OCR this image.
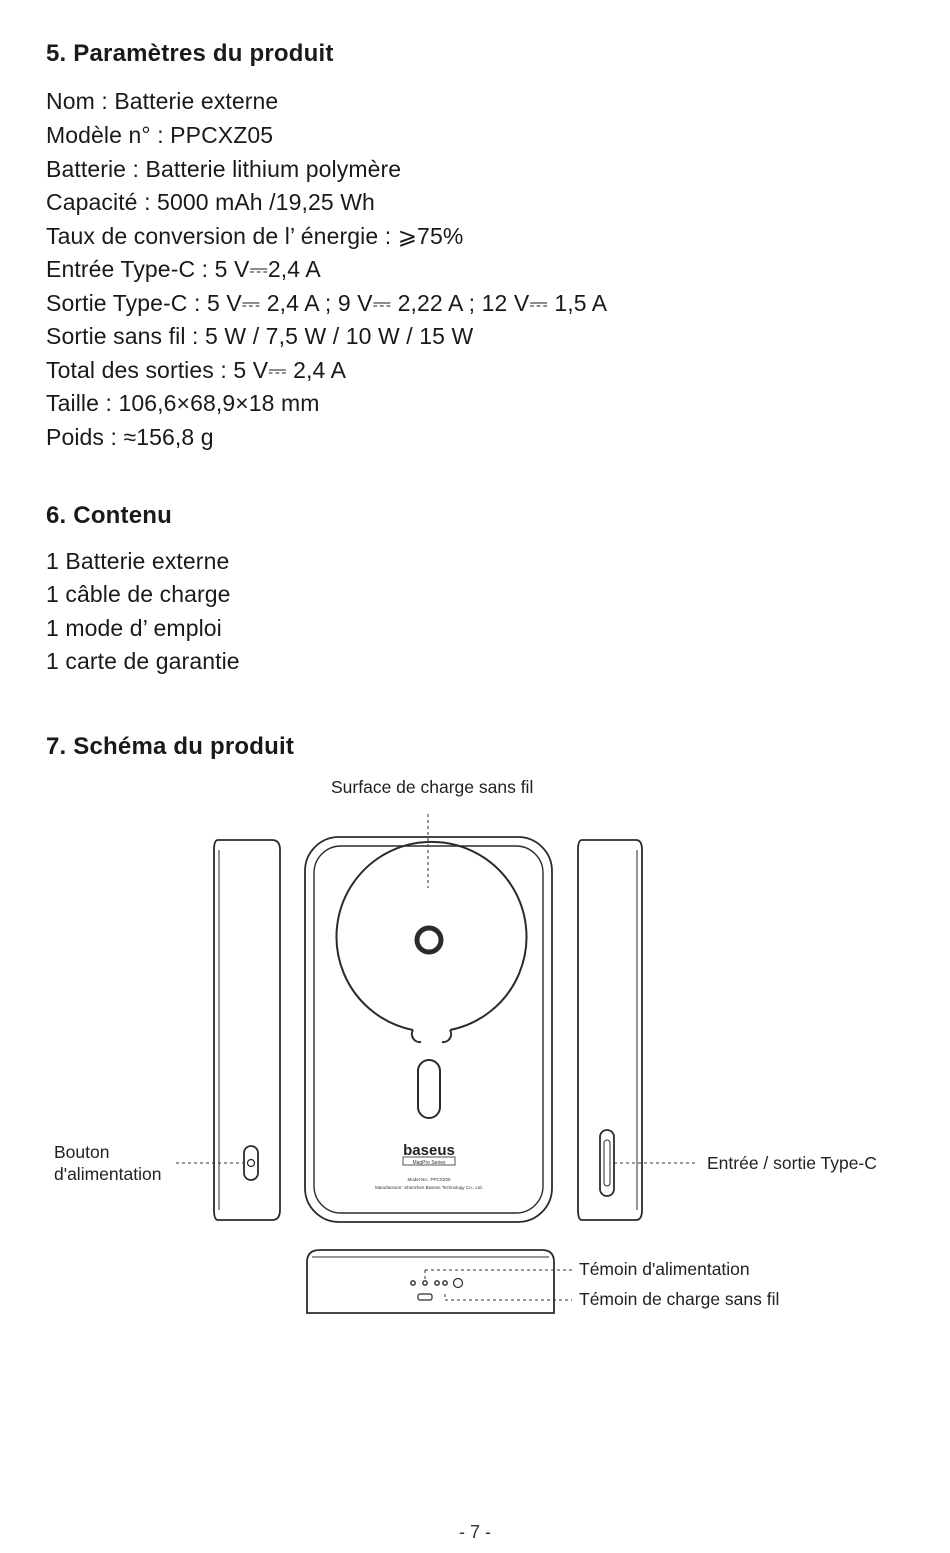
5. Paramètres du produit
Nom : Batterie externe
Modèle n° : PPCXZ05
Batterie : Batterie lithium polymère
Capacité : 5000 mAh /19,25 Wh
Taux de conversion de l’ énergie : ⩾75%
Entrée Type-C : 5 V⎓2,4 A
Sortie Type-C : 5 V⎓ 2,4 A ; 9 V⎓ 2,22 A ; 12 V⎓ 1,5 A
Sortie sans fil : 5 W / 7,5 W / 10 W / 15 W
Total des sorties : 5 V⎓ 2,4 A
Taille : 106,6×68,9×18 mm
Poids : ≈156,8 g
6. Contenu
1 Batterie externe
1 câble de charge
1 mode d’ emploi
1 carte de garantie
7. Schéma du produit
baseus
MagPro Series
Model No.: PPCXZ05
Manufacturer: Shenzhen Baseus Technology Co., Ltd.
Surface de charge sans fil
Bouton
d'alimentation
Entrée / sortie Type-C
Témoin d'alimentation
Témoin de charge sans fil
- 7 -
